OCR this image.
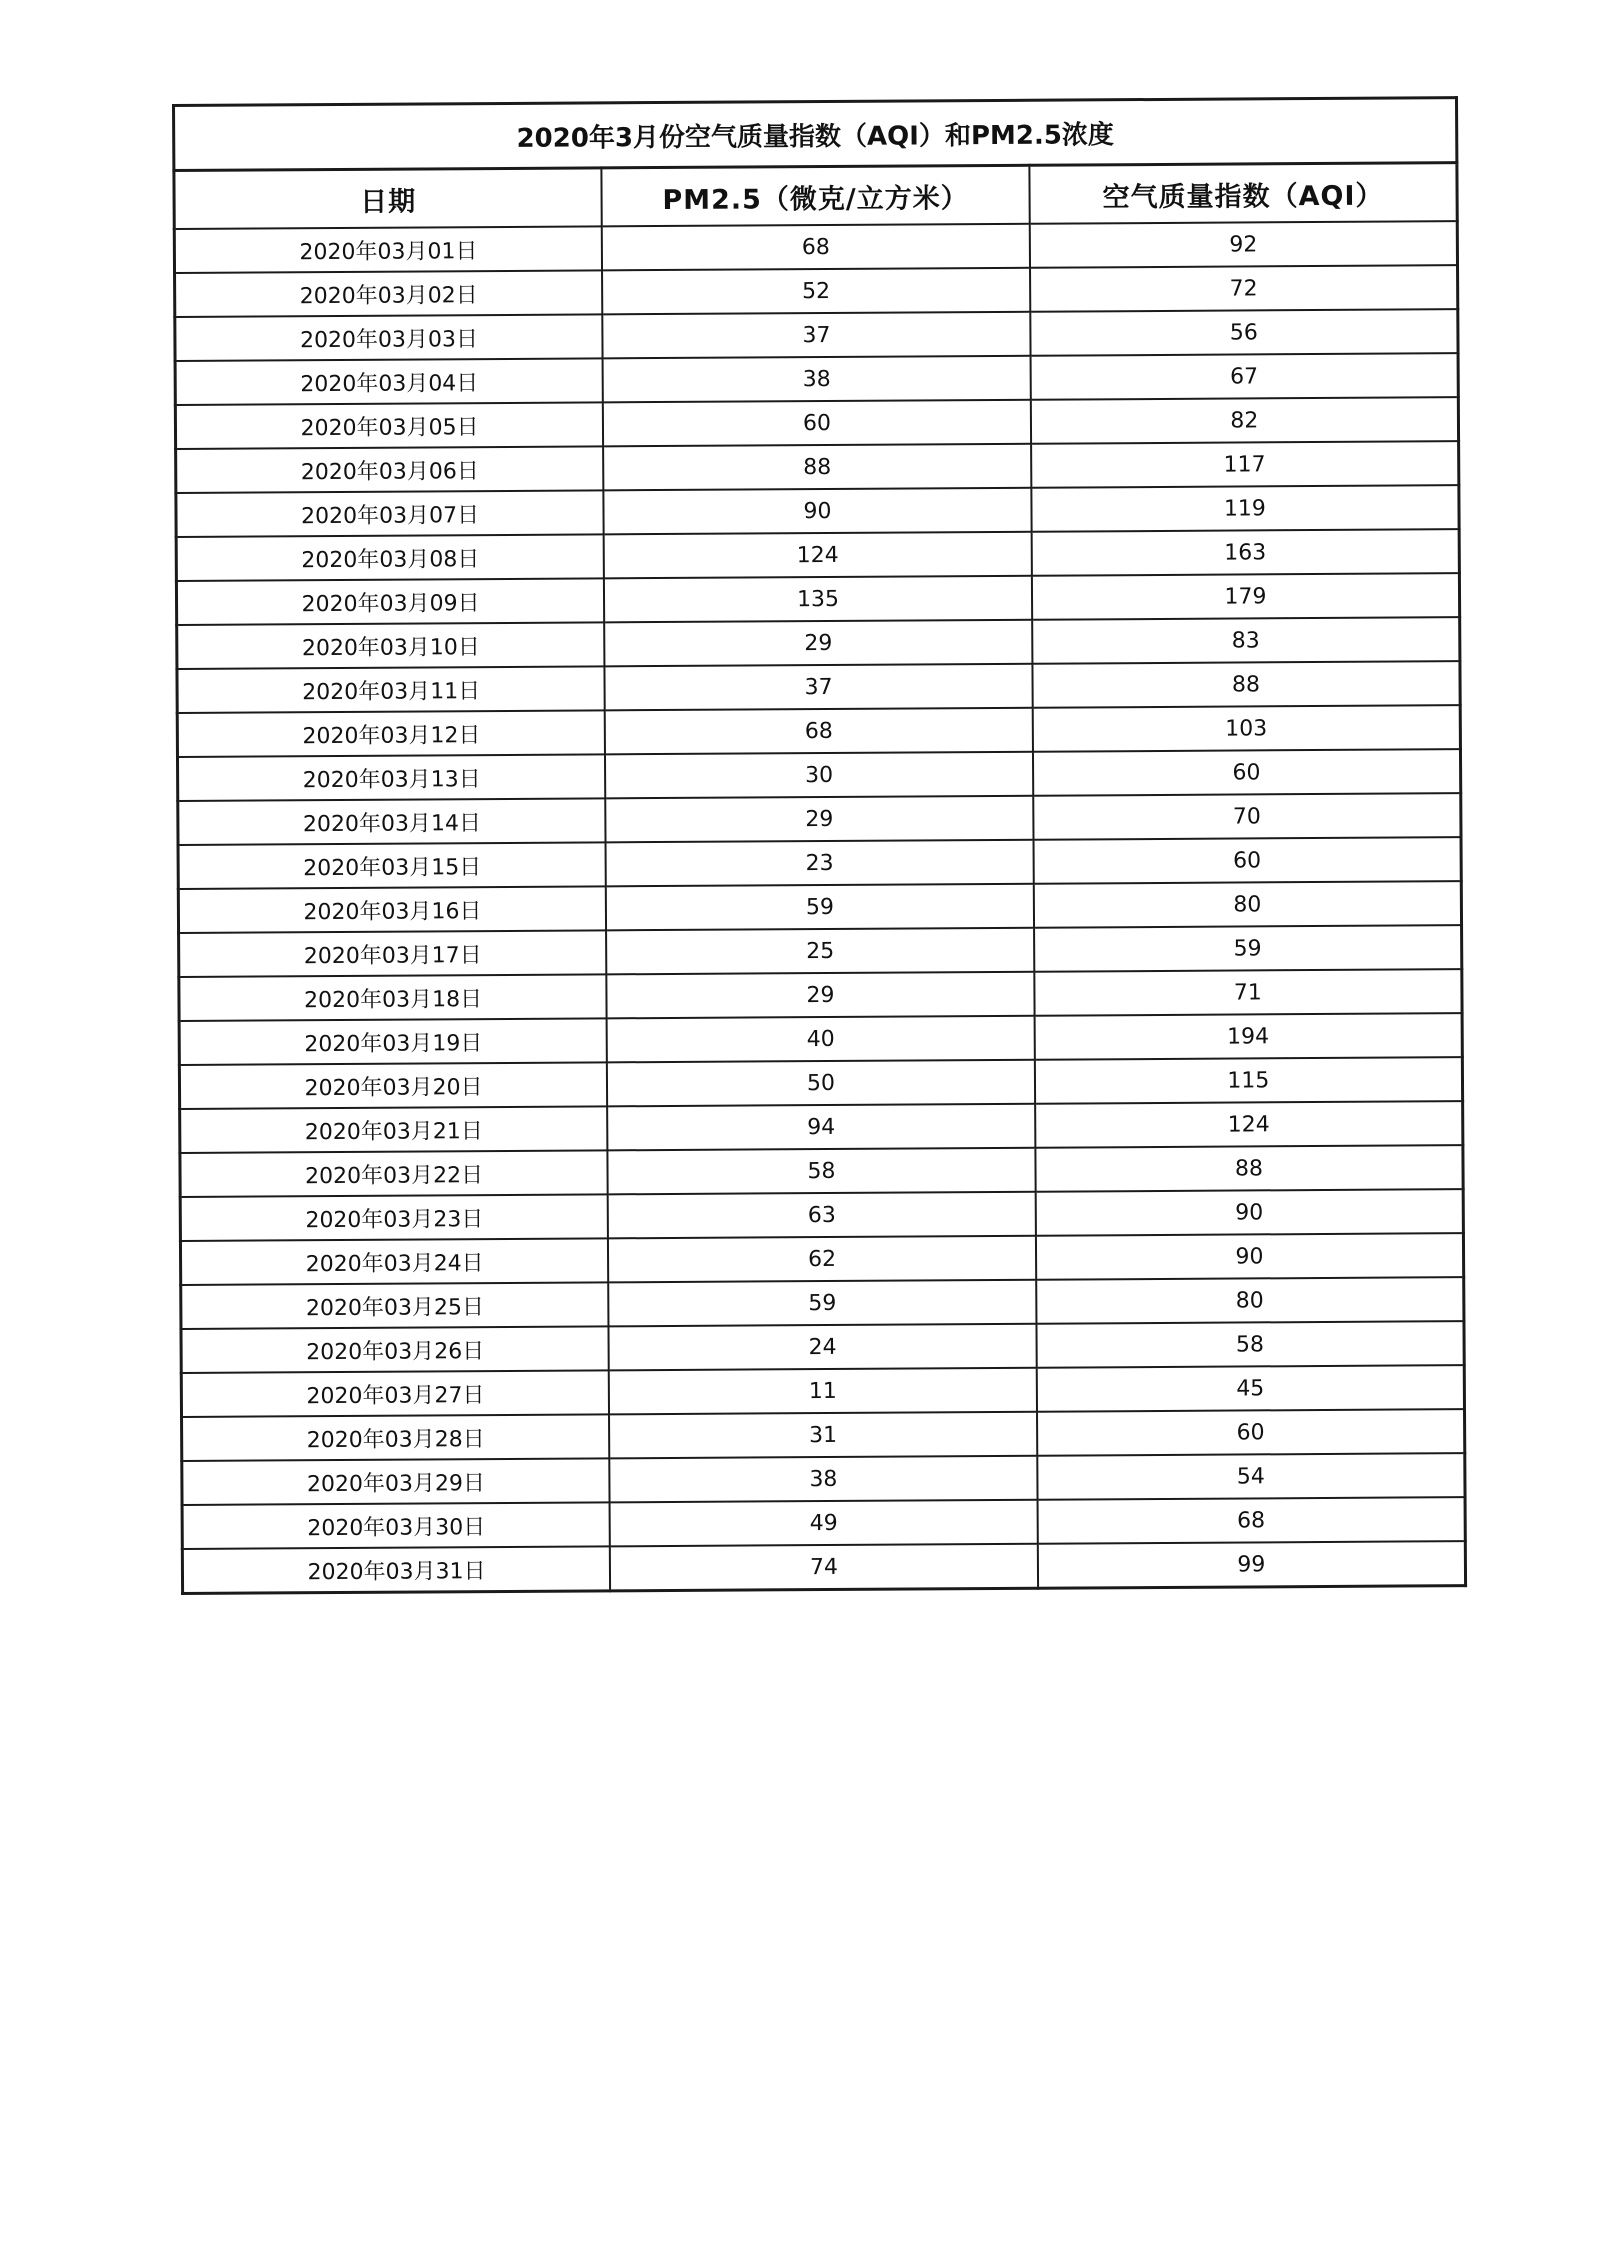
2020年3月份空气质量指数（AQI）和PM2.5浓度		
日期	PM2.5（微克/立方米）	空气质量指数（AQI）
2020年03月01日	68	92
2020年03月02日	52	72
2020年03月03日	37	56
2020年03月04日	38	67
2020年03月05日	60	82
2020年03月06日	88	117
2020年03月07日	90	119
2020年03月08日	124	163
2020年03月09日	135	179
2020年03月10日	29	83
2020年03月11日	37	88
2020年03月12日	68	103
2020年03月13日	30	60
2020年03月14日	29	70
2020年03月15日	23	60
2020年03月16日	59	80
2020年03月17日	25	59
2020年03月18日	29	71
2020年03月19日	40	194
2020年03月20日	50	115
2020年03月21日	94	124
2020年03月22日	58	88
2020年03月23日	63	90
2020年03月24日	62	90
2020年03月25日	59	80
2020年03月26日	24	58
2020年03月27日	11	45
2020年03月28日	31	60
2020年03月29日	38	54
2020年03月30日	49	68
2020年03月31日	74	99
